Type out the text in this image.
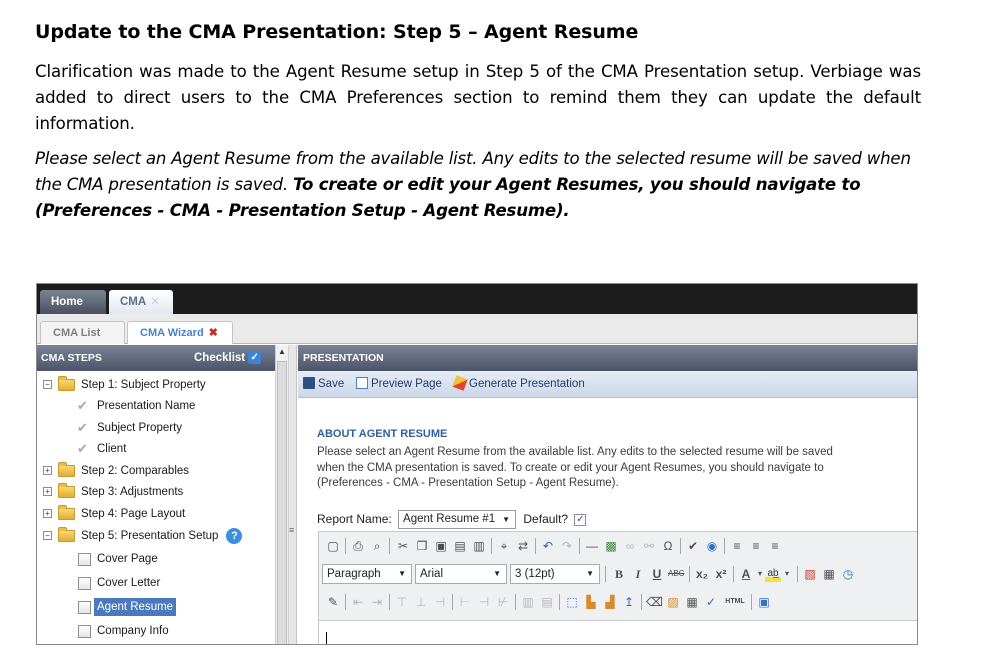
Update to the CMA Presentation: Step 5 – Agent Resume
Clarification was made to the Agent Resume setup in Step 5 of the CMA Presentation setup. Verbiage was added to direct users to the CMA Preferences section to remind them they can update the default information.
Please select an Agent Resume from the available list. Any edits to the selected resume will be saved when the CMA presentation is saved. To create or edit your Agent Resumes, you should navigate to (Preferences - CMA - Presentation Setup - Agent Resume).
Home	CMA ✕
CMA List	CMA Wizard ✖
CMA STEPS	Checklist ✓
−	Step 1: Subject Property
✔ Presentation Name
✔ Subject Property
✔ Client
+	Step 2: Comparables
+	Step 3: Adjustments
+	Step 4: Page Layout
−	Step 5: Presentation Setup ?
Cover Page
Cover Letter
Agent Resume
Company Info
▲
≡
PRESENTATION
Save	Preview Page	Generate Presentation
ABOUT AGENT RESUME
Please select an Agent Resume from the available list. Any edits to the selected resume will be saved when the CMA presentation is saved. To create or edit your Agent Resumes, you should navigate to (Preferences - CMA - Presentation Setup - Agent Resume).
Report Name: Agent Resume #1 ▼ Default? ✓
▢ ⎙ ⌕	✂ ❐ ▣ ▤ ▥	⌖ ⇄ ↶ ↷ — ▩ ∞ ⚯ Ω ✔ ◉	≡ ≡ ≡
Paragraph ▼	Arial	▼	3 (12pt)	▼	B	I	U ABC x₂ x²	A ▾ ab̲ ▾	▧ ▦ ◷
✎ ⇤ ⇥ ⊤ ⊥ ⊣ ⊢ ⊣ ⊬ ▥ ▤ ⬚ ▙ ▟ ↥ ⌫ ▨ ▦ ✓	HTML ▣
